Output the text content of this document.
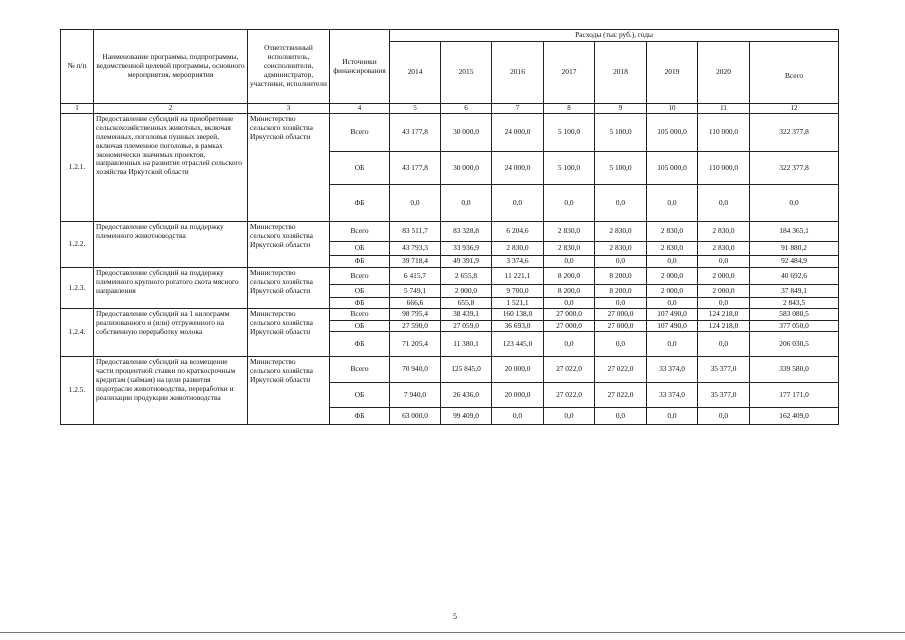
№ п/п	Наименование программы, подпрограммы, ведомственной целевой программы, основного мероприятия, мероприятия	Ответственный исполнитель, соисполнители, администратор, участники, исполнители	Источники финансирования	Расходы (тыс руб.), годы							
				2014	2015	2016	2017	2018	2019	2020	Всего
1	2	3	4	5	6	7	8	9	10	11	12
1.2.1.	Предоставление субсидий на приобретение сельскохозяйственных животных, включая племенных, поголовья пушных зверей, включая племенное поголовье, в рамках экономически значимых проектов, направленных на развитие отраслей сельского хозяйства Иркутской области	Министерство сельского хозяйства Иркутской области	Всего	43 177,8	30 000,0	24 000,0	5 100,0	5 100,0	105 000,0	110 000,0	322 377,8
			ОБ	43 177,8	30 000,0	24 000,0	5 100,0	5 100,0	105 000,0	110 000,0	322 377,8
			ФБ	0,0	0,0	0,0	0,0	0,0	0,0	0,0	0,0
1.2.2.	Предоставление субсидий на поддержку племенного животноводства	Министерство сельского хозяйства Иркутской области	Всего	83 511,7	83 328,8	6 204,6	2 830,0	2 830,0	2 830,0	2 830,0	184 365,1
			ОБ	43 793,3	33 936,9	2 830,0	2 830,0	2 830,0	2 830,0	2 830,0	91 880,2
			ФБ	39 718,4	49 391,9	3 374,6	0,0	0,0	0,0	0,0	92 484,9
1.2.3.	Предоставление субсидий на поддержку племенного крупного рогатого скота мясного направления	Министерство сельского хозяйства Иркутской области	Всего	6 415,7	2 655,8	11 221,1	8 200,0	8 200,0	2 000,0	2 000,0	40 692,6
			ОБ	5 749,1	2 000,0	9 700,0	8 200,0	8 200,0	2 000,0	2 000,0	37 849,1
			ФБ	666,6	655,8	1 521,1	0,0	0,0	0,0	0,0	2 843,5
1.2.4.	Предоставление субсидий на 1 килограмм реализованного и (или) отгруженного на собственную переработку молока	Министерство сельского хозяйства Иркутской области	Всего	98 795,4	38 439,1	160 138,0	27 000,0	27 000,0	107 490,0	124 218,0	583 080,5
			ОБ	27 590,0	27 059,0	36 693,0	27 000,0	27 000,0	107 490,0	124 218,0	377 050,0
			ФБ	71 205,4	11 380,1	123 445,0	0,0	0,0	0,0	0,0	206 030,5
1.2.5.	Предоставление субсидий на возмещение части процентной ставки по краткосрочным кредитам (займам) на цели развития подотрасли животноводства, переработки и реализации продукции животноводства	Министерство сельского хозяйства Иркутской области	Всего	70 940,0	125 845,0	20 000,0	27 022,0	27 022,0	33 374,0	35 377,0	339 580,0
			ОБ	7 940,0	26 436,0	20 000,0	27 022,0	27 022,0	33 374,0	35 377,0	177 171,0
			ФБ	63 000,0	99 409,0	0,0	0,0	0,0	0,0	0,0	162 409,0
5
